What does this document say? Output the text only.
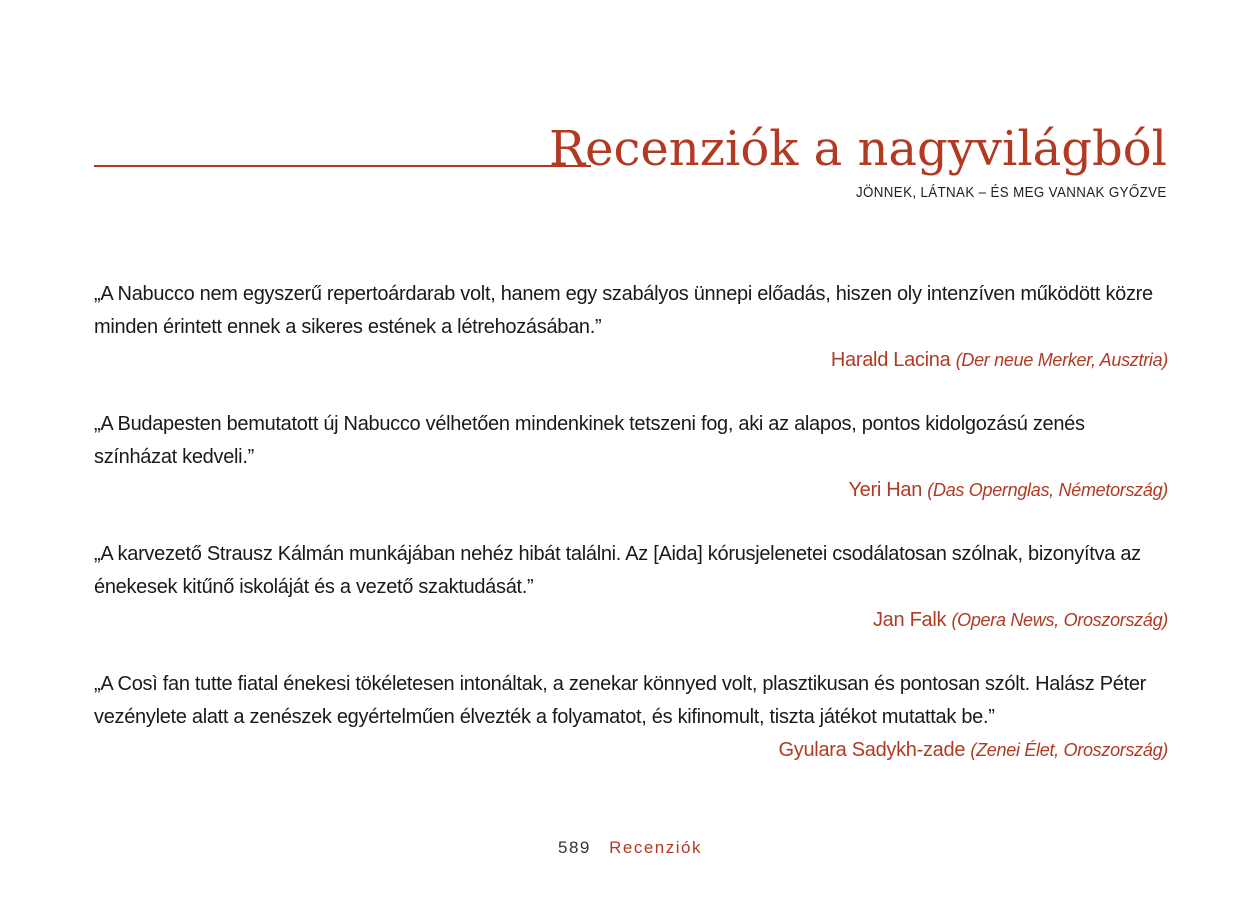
Recenziók a nagyvilágból
JÖNNEK, LÁTNAK – ÉS MEG VANNAK GYŐZVE

„A Nabucco nem egyszerű repertoárdarab volt, hanem egy szabályos ünnepi előadás, hiszen oly intenzíven működött közre minden érintett ennek a sikeres estének a létrehozásában.”

Harald Lacina (Der neue Merker, Ausztria)

„A Budapesten bemutatott új Nabucco vélhetően mindenkinek tetszeni fog, aki az alapos, pontos kidolgozású zenés színházat kedveli.”

Yeri Han (Das Opernglas, Németország)

„A karvezető Strausz Kálmán munkájában nehéz hibát találni. Az [Aida] kórusjelenetei csodálatosan szólnak, bizonyítva az énekesek kitűnő iskoláját és a vezető szaktudását.”

Jan Falk (Opera News, Oroszország)

„A Così fan tutte fiatal énekesi tökéletesen intonáltak, a zenekar könnyed volt, plasztikusan és pontosan szólt. Halász Péter vezénylete alatt a zenészek egyértelműen élvezték a folyamatot, és kifinomult, tiszta játékot mutattak be.”

Gyulara Sadykh-zade (Zenei Élet, Oroszország)

589 Recenziók
